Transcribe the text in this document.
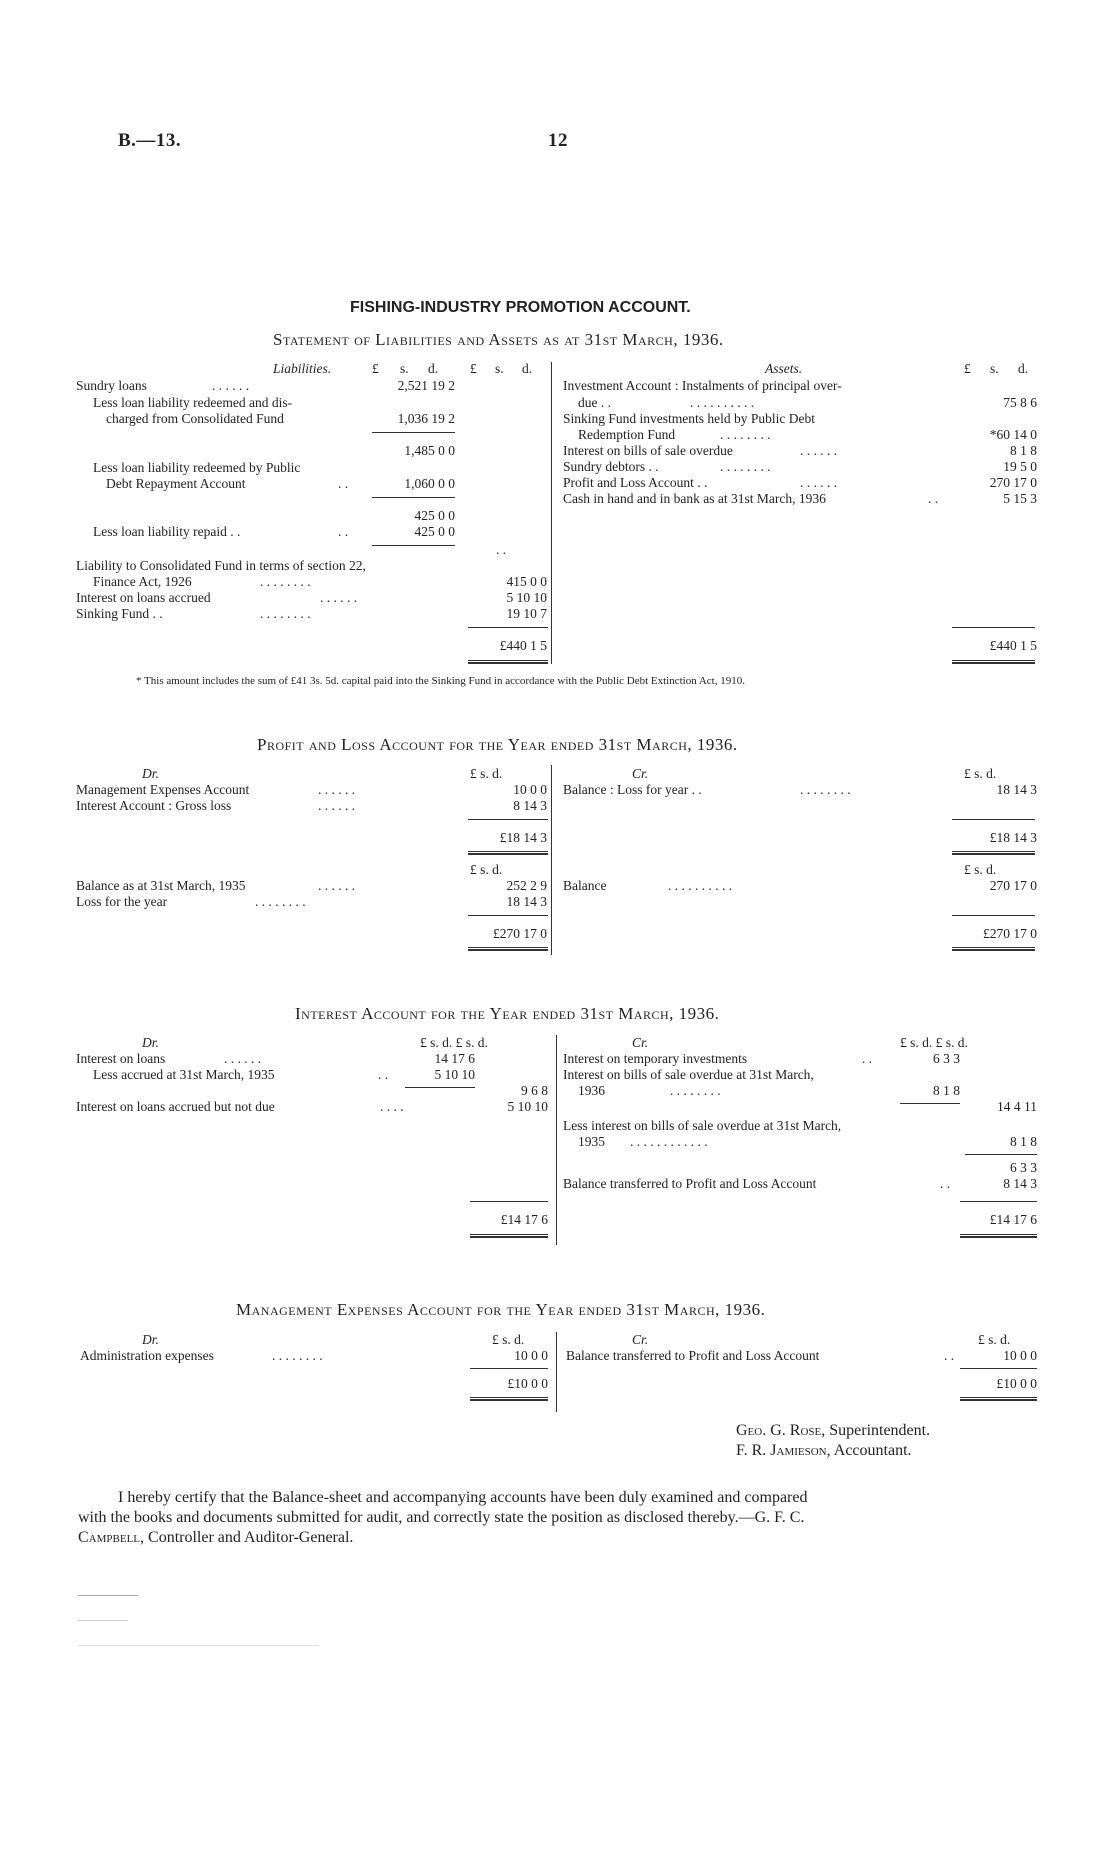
B.—13.	12
FISHING-INDUSTRY PROMOTION ACCOUNT.
Statement of Liabilities and Assets as at 31st March, 1936.
Liabilities.	£ s. d. £ s. d.
Sundry loans	. . . . . .	2,521 19 2
Less loan liability redeemed and dis-
charged from Consolidated Fund	1,036 19 2
1,485 0 0
Less loan liability redeemed by Public
Debt Repayment Account	. .	1,060 0 0
425 0 0
Less loan liability repaid . .	. .	425 0 0
. .
Liability to Consolidated Fund in terms of section 22,
Finance Act, 1926	. . . . . . . .	415 0 0
Interest on loans accrued	. . . . . .	5 10 10
Sinking Fund . .	. . . . . . . .	19 10 7
£440 1 5
Assets.	£ s. d.
Investment Account : Instalments of principal over-
due . .	. . . . . . . . . .	75 8 6
Sinking Fund investments held by Public Debt
Redemption Fund	. . . . . . . .	*60 14 0
Interest on bills of sale overdue	. . . . . .	8 1 8
Sundry debtors . .	. . . . . . . .	19 5 0
Profit and Loss Account . .	. . . . . .	270 17 0
Cash in hand and in bank as at 31st March, 1936	. .	5 15 3
£440 1 5
* This amount includes the sum of £41 3s. 5d. capital paid into the Sinking Fund in accordance with the Public Debt Extinction Act, 1910.
Profit and Loss Account for the Year ended 31st March, 1936.
Dr.	£ s. d.	Cr.	£ s. d.
Management Expenses Account	. . . . . .	10 0 0
Interest Account : Gross loss	. . . . . .	8 14 3
Balance : Loss for year . .	. . . . . . . .	18 14 3
£18 14 3	£18 14 3
£ s. d.	£ s. d.
Balance as at 31st March, 1935	. . . . . .	252 2 9
Loss for the year	. . . . . . . .	18 14 3
Balance	. . . . . . . . . .	270 17 0
£270 17 0	£270 17 0
Interest Account for the Year ended 31st March, 1936.
Dr.	£ s. d. £ s. d.	Cr.	£ s. d. £ s. d.
Interest on loans	. . . . . .	14 17 6
Less accrued at 31st March, 1935	. .	5 10 10
9 6 8
Interest on loans accrued but not due	. . . .	5 10 10
Interest on temporary investments	. .	6 3 3
Interest on bills of sale overdue at 31st March,
1936	. . . . . . . .	8 1 8
14 4 11
Less interest on bills of sale overdue at 31st March,
1935 . . . . . . . . . . . .	8 1 8
6 3 3
Balance transferred to Profit and Loss Account	. .	8 14 3
£14 17 6	£14 17 6
Management Expenses Account for the Year ended 31st March, 1936.
Dr.	£ s. d.	Cr.	£ s. d.
Administration expenses	. . . . . . . .	10 0 0 Balance transferred to Profit and Loss Account	. .	10 0 0
£10 0 0	£10 0 0
Geo. G. Rose, Superintendent.
F. R. Jamieson, Accountant.
I hereby certify that the Balance-sheet and accompanying accounts have been duly examined and compared
with the books and documents submitted for audit, and correctly state the position as disclosed thereby.—G. F. C.
Campbell, Controller and Auditor-General.
